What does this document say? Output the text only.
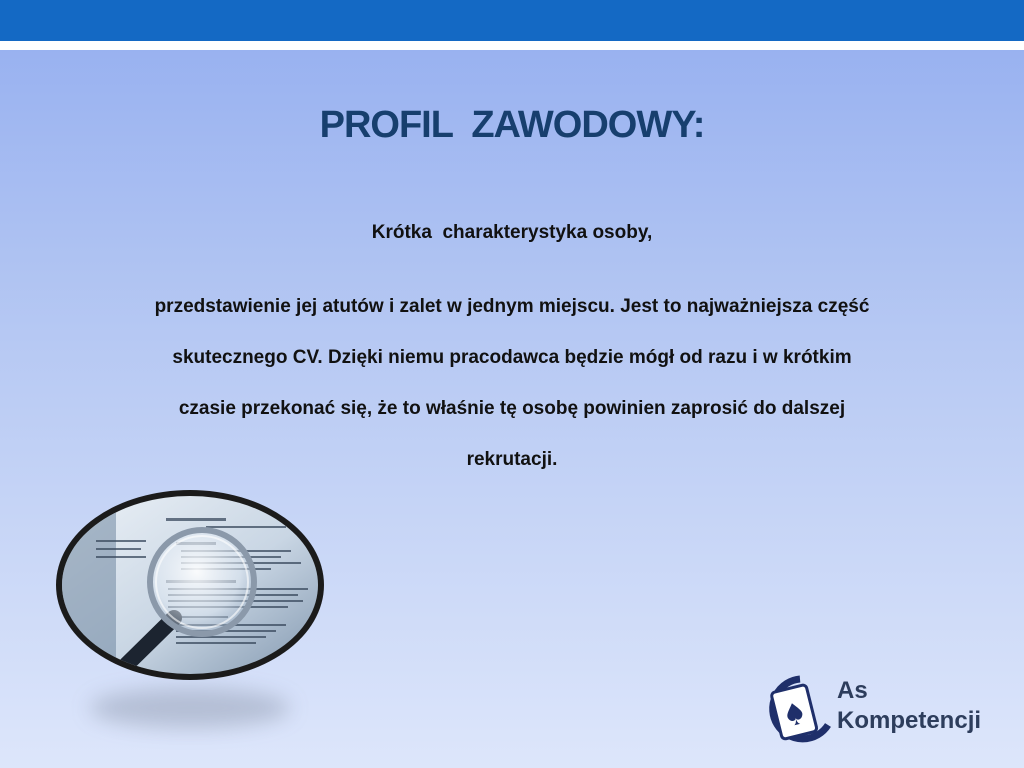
PROFIL  ZAWODOWY:
Krótka  charakterystyka osoby,
przedstawienie jej atutów i zalet w jednym miejscu. Jest to najważniejsza część skutecznego CV. Dzięki niemu pracodawca będzie mógł od razu i w krótkim czasie przekonać się, że to właśnie tę osobę powinien zaprosić do dalszej rekrutacji.
As
Kompetencji
